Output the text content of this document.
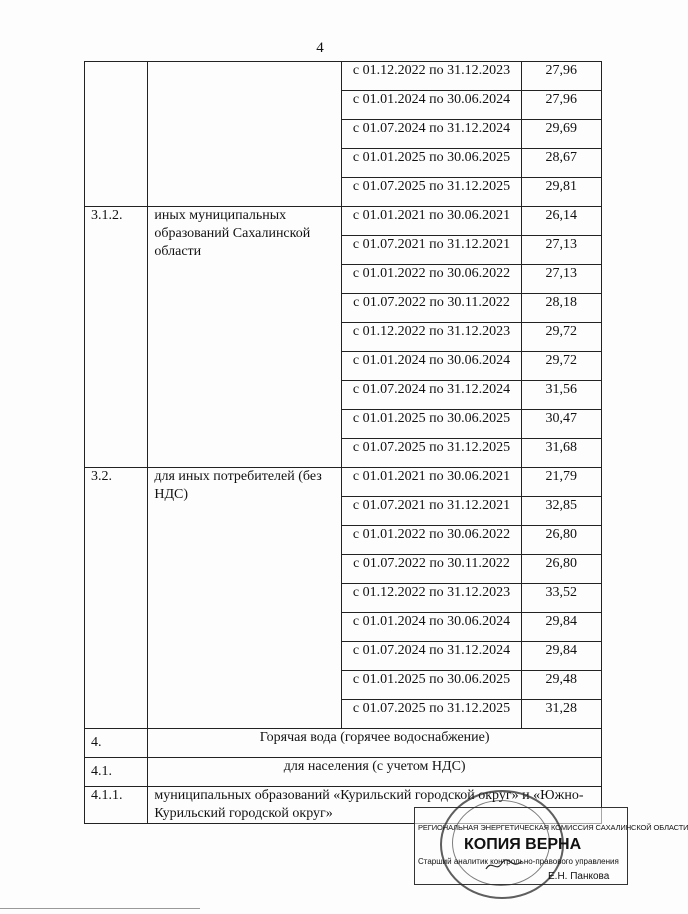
4
		с 01.12.2022 по 31.12.2023	27,96
		с 01.01.2024 по 30.06.2024	27,96
		с 01.07.2024 по 31.12.2024	29,69
		с 01.01.2025 по 30.06.2025	28,67
		с 01.07.2025 по 31.12.2025	29,81
3.1.2.	иных муниципальных образований Сахалинской области	с 01.01.2021 по 30.06.2021	26,14
		с 01.07.2021 по 31.12.2021	27,13
		с 01.01.2022 по 30.06.2022	27,13
		с 01.07.2022 по 30.11.2022	28,18
		с 01.12.2022 по 31.12.2023	29,72
		с 01.01.2024 по 30.06.2024	29,72
		с 01.07.2024 по 31.12.2024	31,56
		с 01.01.2025 по 30.06.2025	30,47
		с 01.07.2025 по 31.12.2025	31,68
3.2.	для иных потребителей (без НДС)	с 01.01.2021 по 30.06.2021	21,79
		с 01.07.2021 по 31.12.2021	32,85
		с 01.01.2022 по 30.06.2022	26,80
		с 01.07.2022 по 30.11.2022	26,80
		с 01.12.2022 по 31.12.2023	33,52
		с 01.01.2024 по 30.06.2024	29,84
		с 01.07.2024 по 31.12.2024	29,84
		с 01.01.2025 по 30.06.2025	29,48
		с 01.07.2025 по 31.12.2025	31,28
4.	Горячая вода (горячее водоснабжение)		
4.1.	для населения (с учетом НДС)		
4.1.1.	муниципальных образований «Курильский городской округ» и «Южно-Курильский городской округ»		
РЕГИОНАЛЬНАЯ ЭНЕРГЕТИЧЕСКАЯ КОМИССИЯ САХАЛИНСКОЙ ОБЛАСТИ
КОПИЯ ВЕРНА
Старший аналитик контрольно-правового управления
Е.Н. Панкова
